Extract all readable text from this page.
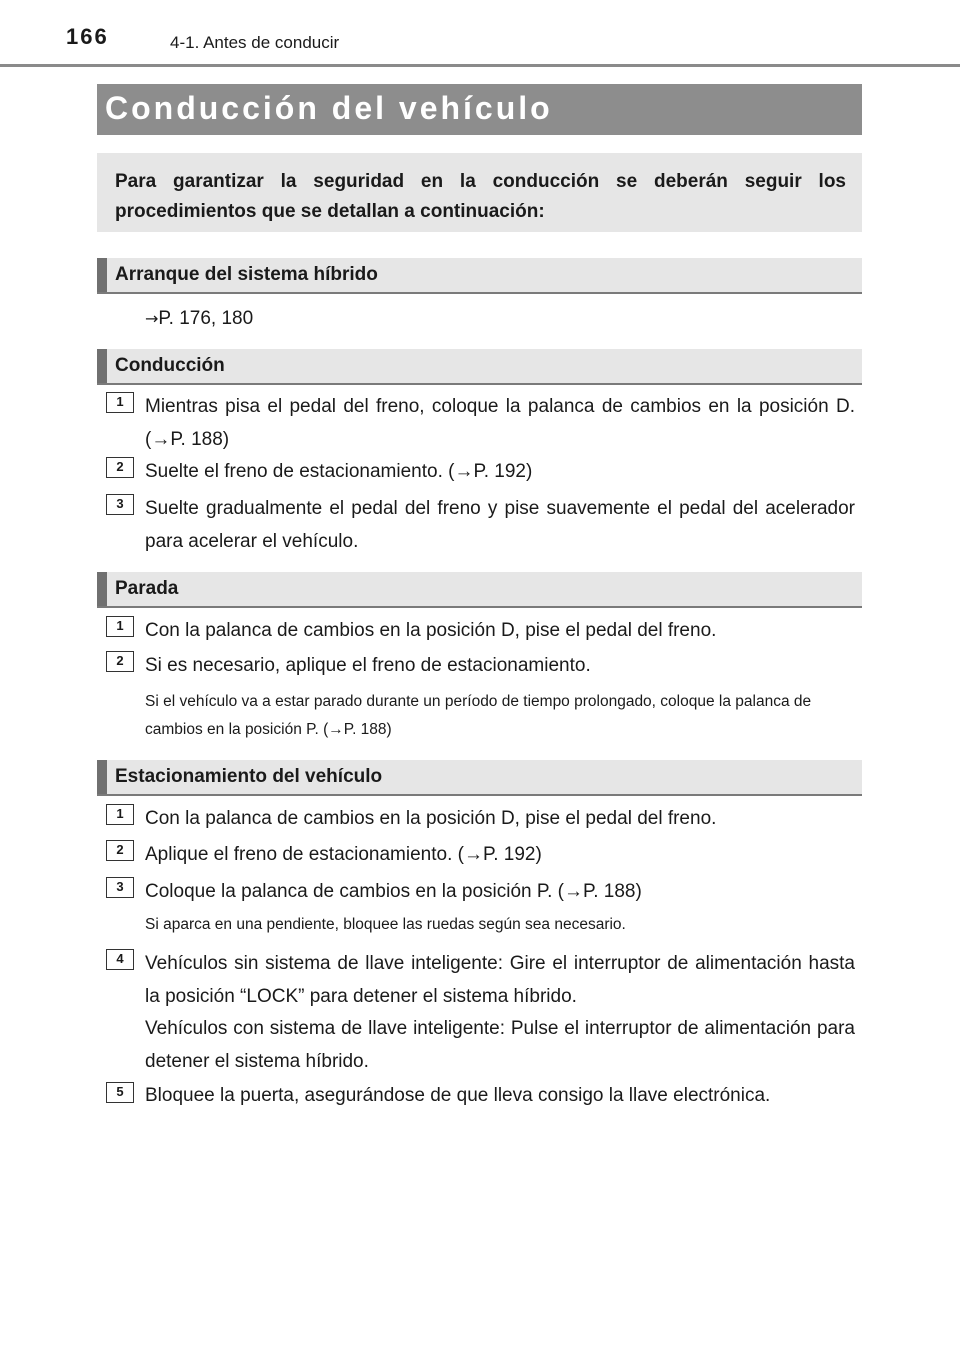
166	4-1. Antes de conducir
Conducción del vehículo
Para garantizar la seguridad en la conducción se deberán seguir los procedimientos que se detallan a continuación:
Arranque del sistema híbrido
→P. 176, 180
Conducción
1	Mientras pisa el pedal del freno, coloque la palanca de cambios en la posición D. (→P. 188)
2	Suelte el freno de estacionamiento. (→P. 192)
3	Suelte gradualmente el pedal del freno y pise suavemente el pedal del acelerador para acelerar el vehículo.
Parada
1	Con la palanca de cambios en la posición D, pise el pedal del freno.
2	Si es necesario, aplique el freno de estacionamiento.
Si el vehículo va a estar parado durante un período de tiempo prolongado, coloque la palanca de cambios en la posición P. (→P. 188)
Estacionamiento del vehículo
1	Con la palanca de cambios en la posición D, pise el pedal del freno.
2	Aplique el freno de estacionamiento. (→P. 192)
3	Coloque la palanca de cambios en la posición P. (→P. 188)
Si aparca en una pendiente, bloquee las ruedas según sea necesario.
4	Vehículos sin sistema de llave inteligente: Gire el interruptor de alimentación hasta la posición “LOCK” para detener el sistema híbrido.
Vehículos con sistema de llave inteligente: Pulse el interruptor de alimentación para detener el sistema híbrido.
5	Bloquee la puerta, asegurándose de que lleva consigo la llave electrónica.
